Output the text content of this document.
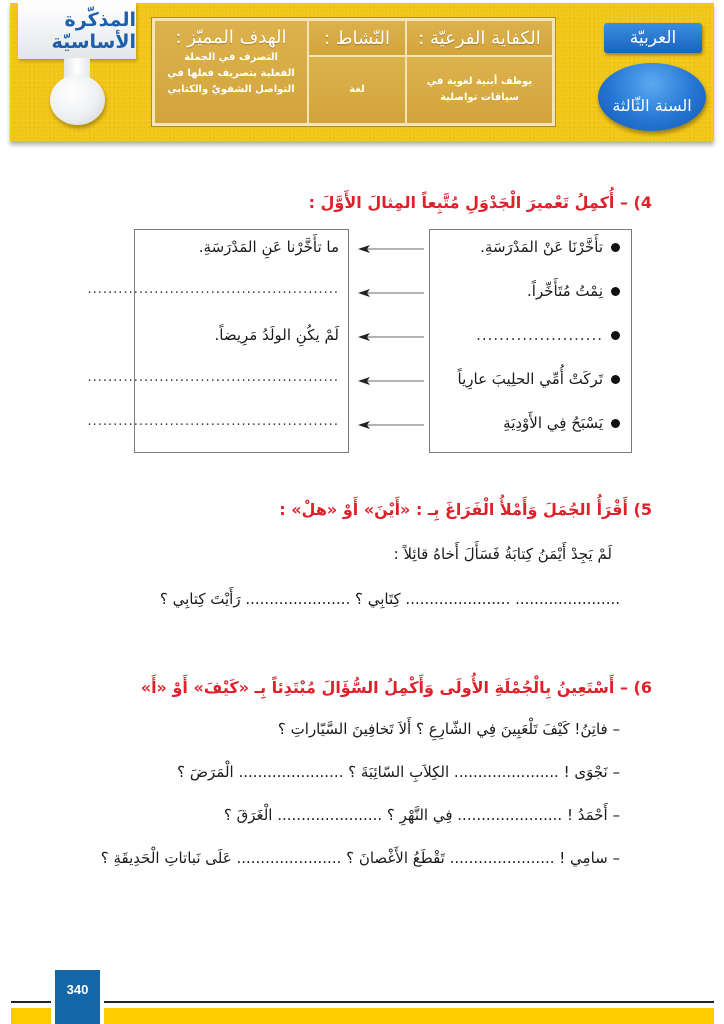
المذكّرة الأساسيّة الهدف المميّز :
التصرف في الجملة الفعلية بتصريف فعلها في التواصل الشفويّ والكتابي
النّشاط :	الكفاية الفرعيّة :
لغة
يوظف أبنية لغوية في سياقات تواصلية
العربيّة
السنة الثّالثة
4) – أُكمِلُ تَعْميرَ الْجَدْوَلِ مُتَّبِعاً المِثالَ الأَوَّلَ :
تأَخَّرْنَا عَنْ المَدْرَسَةِ.
نِمْتُ مُتَأَخِّراً.
......................
تَركَتْ أُمِّي الحلِيبَ عارِياً
يَسْبَحُ فِي الأَوْدِيَةِ
ما تأَخَّرْنا عَنِ المَدْرَسَةِ.
.................................................
لَمْ يكُنِ الولَدُ مَرِيضاً.
.................................................
.................................................
5) أَقْرَأُ الجُمَلَ وَأَمْلأُ الْفَرَاغَ بِـ : «أَيْنَ» أَوْ «هلْ» :
لَمْ يَجِدْ أَيْمَنُ كِتابَةُ فَسَأَلَ أَخاهُ قائِلاً :
...................... ...................... كِتَابِي ؟ ...................... رَأَيْتَ كِتابِي ؟
6) – أَسْتَعِينُ بِالْجُمْلَةِ الأُولَى وَأَكْمِلُ السُّؤَالَ مُبْتَدِئاً بِـ «كَيْفَ» أَوْ «أَ»
– فاتِنُ! كَيْفَ تَلْعَبِينَ فِي الشّارِعِ ؟ أَلاَ تَخافِينَ السَّيّاراتِ ؟
– نَجْوَى ! ...................... الكِلاَبِ السّائِبَةَ ؟ ...................... الْمَرَضَ ؟
– أَحْمَدُ ! ...................... فِي النَّهْرِ ؟ ...................... الْغَرَقَ ؟
– سامِي ! ...................... تَقْطَعُ الأَغْصانَ ؟ ...................... عَلَى نَباتاتِ الْحَدِيقَةِ ؟
340
